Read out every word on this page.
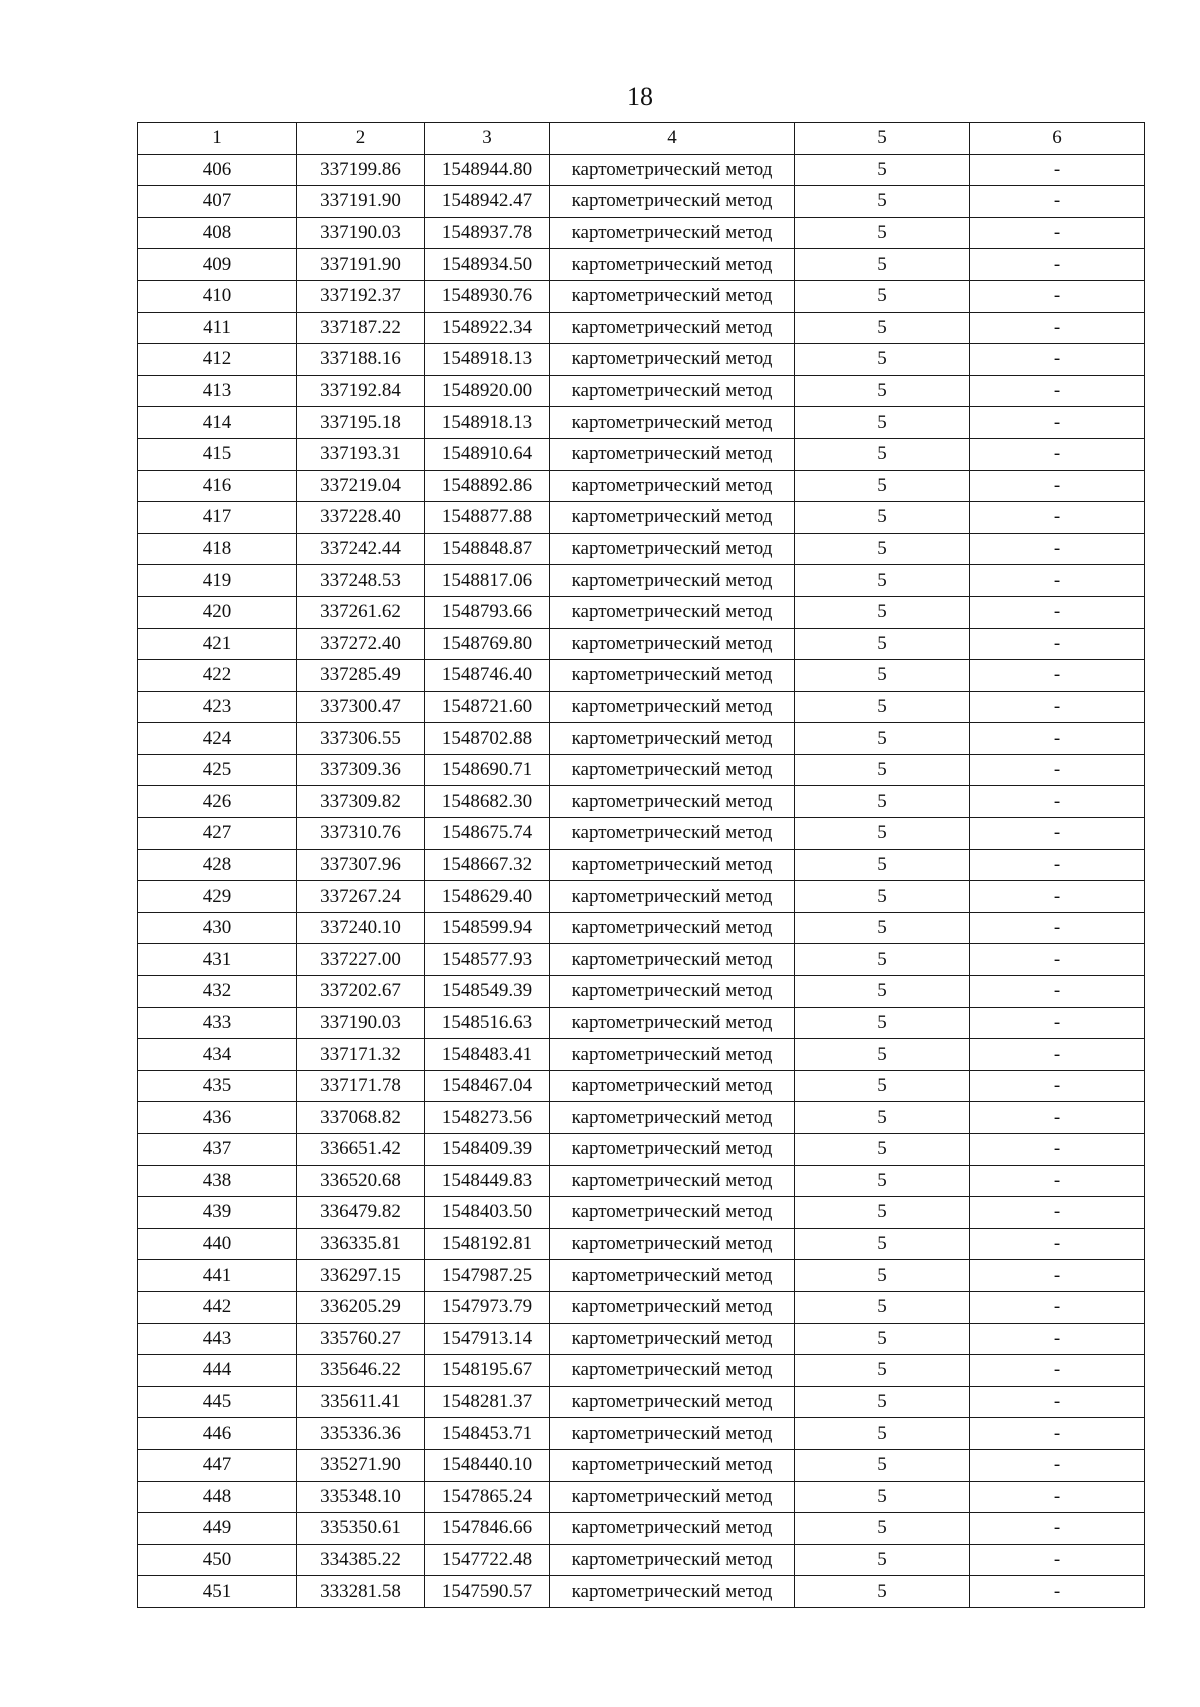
18
1	2	3	4	5	6
406	337199.86	1548944.80	картометрический метод	5	-
407	337191.90	1548942.47	картометрический метод	5	-
408	337190.03	1548937.78	картометрический метод	5	-
409	337191.90	1548934.50	картометрический метод	5	-
410	337192.37	1548930.76	картометрический метод	5	-
411	337187.22	1548922.34	картометрический метод	5	-
412	337188.16	1548918.13	картометрический метод	5	-
413	337192.84	1548920.00	картометрический метод	5	-
414	337195.18	1548918.13	картометрический метод	5	-
415	337193.31	1548910.64	картометрический метод	5	-
416	337219.04	1548892.86	картометрический метод	5	-
417	337228.40	1548877.88	картометрический метод	5	-
418	337242.44	1548848.87	картометрический метод	5	-
419	337248.53	1548817.06	картометрический метод	5	-
420	337261.62	1548793.66	картометрический метод	5	-
421	337272.40	1548769.80	картометрический метод	5	-
422	337285.49	1548746.40	картометрический метод	5	-
423	337300.47	1548721.60	картометрический метод	5	-
424	337306.55	1548702.88	картометрический метод	5	-
425	337309.36	1548690.71	картометрический метод	5	-
426	337309.82	1548682.30	картометрический метод	5	-
427	337310.76	1548675.74	картометрический метод	5	-
428	337307.96	1548667.32	картометрический метод	5	-
429	337267.24	1548629.40	картометрический метод	5	-
430	337240.10	1548599.94	картометрический метод	5	-
431	337227.00	1548577.93	картометрический метод	5	-
432	337202.67	1548549.39	картометрический метод	5	-
433	337190.03	1548516.63	картометрический метод	5	-
434	337171.32	1548483.41	картометрический метод	5	-
435	337171.78	1548467.04	картометрический метод	5	-
436	337068.82	1548273.56	картометрический метод	5	-
437	336651.42	1548409.39	картометрический метод	5	-
438	336520.68	1548449.83	картометрический метод	5	-
439	336479.82	1548403.50	картометрический метод	5	-
440	336335.81	1548192.81	картометрический метод	5	-
441	336297.15	1547987.25	картометрический метод	5	-
442	336205.29	1547973.79	картометрический метод	5	-
443	335760.27	1547913.14	картометрический метод	5	-
444	335646.22	1548195.67	картометрический метод	5	-
445	335611.41	1548281.37	картометрический метод	5	-
446	335336.36	1548453.71	картометрический метод	5	-
447	335271.90	1548440.10	картометрический метод	5	-
448	335348.10	1547865.24	картометрический метод	5	-
449	335350.61	1547846.66	картометрический метод	5	-
450	334385.22	1547722.48	картометрический метод	5	-
451	333281.58	1547590.57	картометрический метод	5	-
